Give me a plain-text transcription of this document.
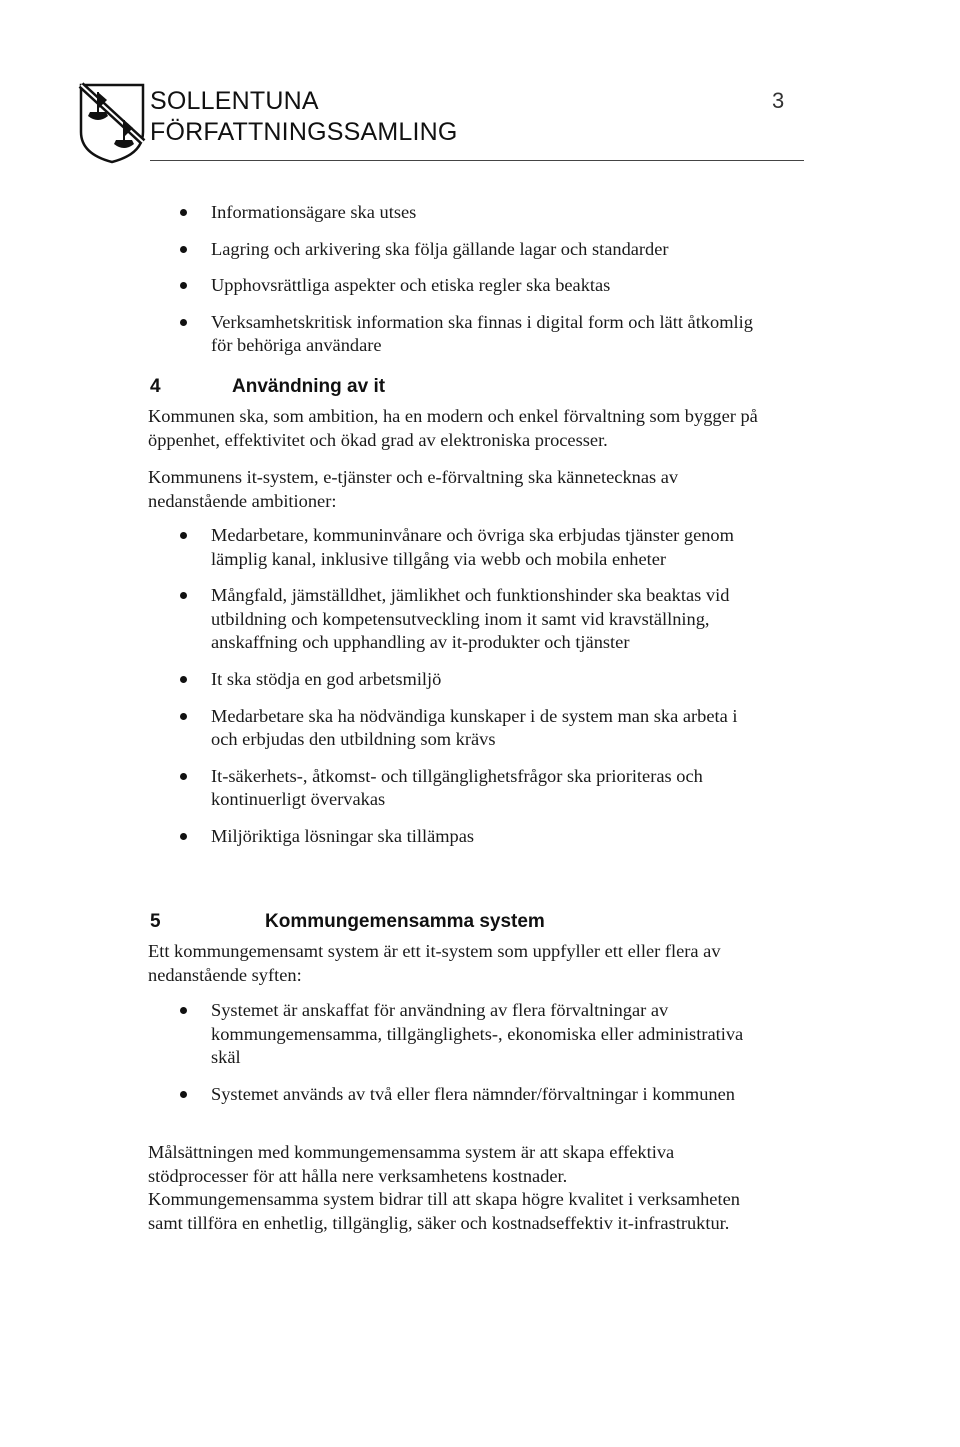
SOLLENTUNA
FÖRFATTNINGSSAMLING
3
Informationsägare ska utses
Lagring och arkivering ska följa gällande lagar och standarder
Upphovsrättliga aspekter och etiska regler ska beaktas
Verksamhetskritisk information ska finnas i digital form och lätt åtkomlig för behöriga användare
4	Användning av it
Kommunen ska, som ambition, ha en modern och enkel förvaltning som bygger på öppenhet, effektivitet och ökad grad av elektroniska processer.
Kommunens it-system, e-tjänster och e-förvaltning ska kännetecknas av nedanstående ambitioner:
Medarbetare, kommuninvånare och övriga ska erbjudas tjänster genom lämplig kanal, inklusive tillgång via webb och mobila enheter
Mångfald, jämställdhet, jämlikhet och funktionshinder ska beaktas vid utbildning och kompetensutveckling inom it samt vid kravställning, anskaffning och upphandling av it-produkter och tjänster
It ska stödja en god arbetsmiljö
Medarbetare ska ha nödvändiga kunskaper i de system man ska arbeta i och erbjudas den utbildning som krävs
It-säkerhets-, åtkomst- och tillgänglighetsfrågor ska prioriteras och kontinuerligt övervakas
Miljöriktiga lösningar ska tillämpas
5	Kommungemensamma system
Ett kommungemensamt system är ett it-system som uppfyller ett eller flera av nedanstående syften:
Systemet är anskaffat för användning av flera förvaltningar av kommungemensamma, tillgänglighets-, ekonomiska eller administrativa skäl
Systemet används av två eller flera nämnder/förvaltningar i kommunen
Målsättningen med kommungemensamma system är att skapa effektiva stödprocesser för att hålla nere verksamhetens kostnader.
Kommungemensamma system bidrar till att skapa högre kvalitet i verksamheten samt tillföra en enhetlig, tillgänglig, säker och kostnadseffektiv it-infrastruktur.
